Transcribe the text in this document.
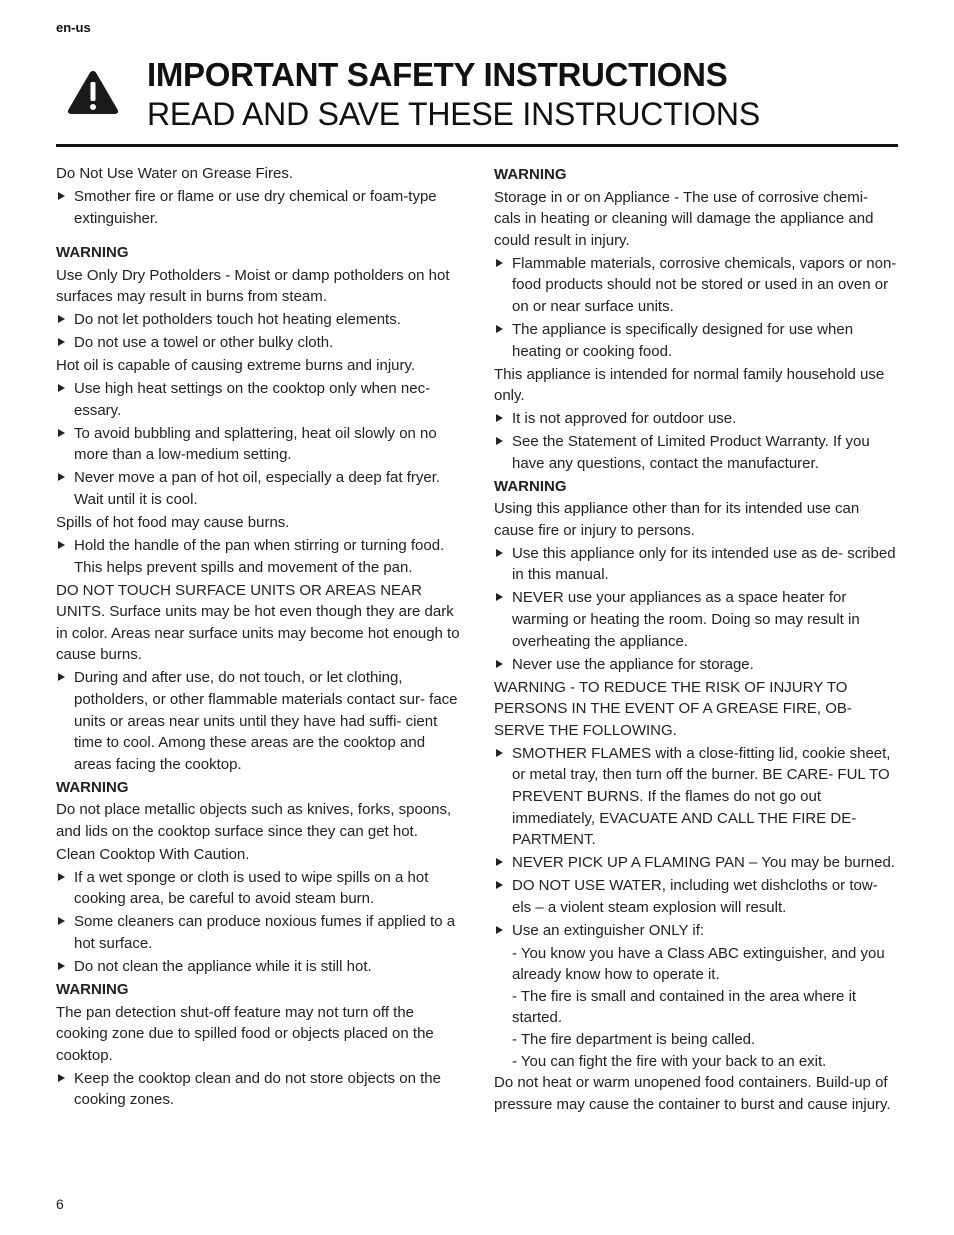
en-us
IMPORTANT SAFETY INSTRUCTIONS
READ AND SAVE THESE INSTRUCTIONS
Do Not Use Water on Grease Fires.
Smother fire or flame or use dry chemical or foam-type extinguisher.
WARNING
Use Only Dry Potholders - Moist or damp potholders on hot surfaces may result in burns from steam.
Do not let potholders touch hot heating elements.
Do not use a towel or other bulky cloth.
Hot oil is capable of causing extreme burns and injury.
Use high heat settings on the cooktop only when nec- essary.
To avoid bubbling and splattering, heat oil slowly on no more than a low-medium setting.
Never move a pan of hot oil, especially a deep fat fryer. Wait until it is cool.
Spills of hot food may cause burns.
Hold the handle of the pan when stirring or turning food. This helps prevent spills and movement of the pan.
DO NOT TOUCH SURFACE UNITS OR AREAS NEAR UNITS. Surface units may be hot even though they are dark in color. Areas near surface units may become hot enough to cause burns.
During and after use, do not touch, or let clothing, potholders, or other flammable materials contact sur- face units or areas near units until they have had suffi- cient time to cool. Among these areas are the cooktop and areas facing the cooktop.
WARNING
Do not place metallic objects such as knives, forks, spoons, and lids on the cooktop surface since they can get hot.
Clean Cooktop With Caution.
If a wet sponge or cloth is used to wipe spills on a hot cooking area, be careful to avoid steam burn.
Some cleaners can produce noxious fumes if applied to a hot surface.
Do not clean the appliance while it is still hot.
WARNING
The pan detection shut-off feature may not turn off the cooking zone due to spilled food or objects placed on the cooktop.
Keep the cooktop clean and do not store objects on the cooking zones.
WARNING
Storage in or on Appliance - The use of corrosive chemi- cals in heating or cleaning will damage the appliance and could result in injury.
Flammable materials, corrosive chemicals, vapors or non-food products should not be stored or used in an oven or on or near surface units.
The appliance is specifically designed for use when heating or cooking food.
This appliance is intended for normal family household use only.
It is not approved for outdoor use.
See the Statement of Limited Product Warranty. If you have any questions, contact the manufacturer.
WARNING
Using this appliance other than for its intended use can cause fire or injury to persons.
Use this appliance only for its intended use as de- scribed in this manual.
NEVER use your appliances as a space heater for warming or heating the room. Doing so may result in overheating the appliance.
Never use the appliance for storage.
WARNING - TO REDUCE THE RISK OF INJURY TO PERSONS IN THE EVENT OF A GREASE FIRE, OB- SERVE THE FOLLOWING.
SMOTHER FLAMES with a close-fitting lid, cookie sheet, or metal tray, then turn off the burner. BE CARE- FUL TO PREVENT BURNS. If the flames do not go out immediately, EVACUATE AND CALL THE FIRE DE- PARTMENT.
NEVER PICK UP A FLAMING PAN – You may be burned.
DO NOT USE WATER, including wet dishcloths or tow- els – a violent steam explosion will result.
Use an extinguisher ONLY if:
- You know you have a Class ABC extinguisher, and you already know how to operate it.
- The fire is small and contained in the area where it started.
- The fire department is being called.
- You can fight the fire with your back to an exit.
Do not heat or warm unopened food containers. Build-up of pressure may cause the container to burst and cause injury.
6
